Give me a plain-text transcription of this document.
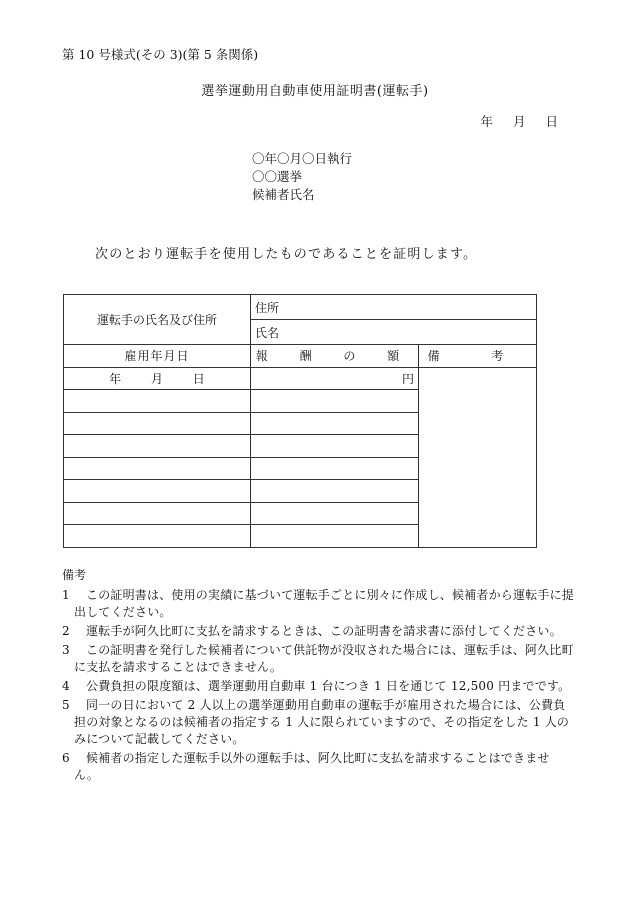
第 10 号様式(その 3)(第 5 条関係)
選挙運動用自動車使用証明書(運転手)
年 月 日
〇年〇月〇日執行
〇〇選挙
候補者氏名
次のとおり運転手を使用したものであることを証明します。
運転手の氏名及び住所	住所	
	氏名	
雇用年月日	報 酬 の 額	備 考
年 月 日	円	

備考
1	この証明書は、使用の実績に基づいて運転手ごとに別々に作成し、候補者から運転手に提出してください。
2	運転手が阿久比町に支払を請求するときは、この証明書を請求書に添付してください。
3	この証明書を発行した候補者について供託物が没収された場合には、運転手は、阿久比町に支払を請求することはできません。
4	公費負担の限度額は、選挙運動用自動車 1 台につき 1 日を通じて 12,500 円までです。
5	同一の日において 2 人以上の選挙運動用自動車の運転手が雇用された場合には、公費負担の対象となるのは候補者の指定する 1 人に限られていますので、その指定をした 1 人のみについて記載してください。
6	候補者の指定した運転手以外の運転手は、阿久比町に支払を請求することはできません。
